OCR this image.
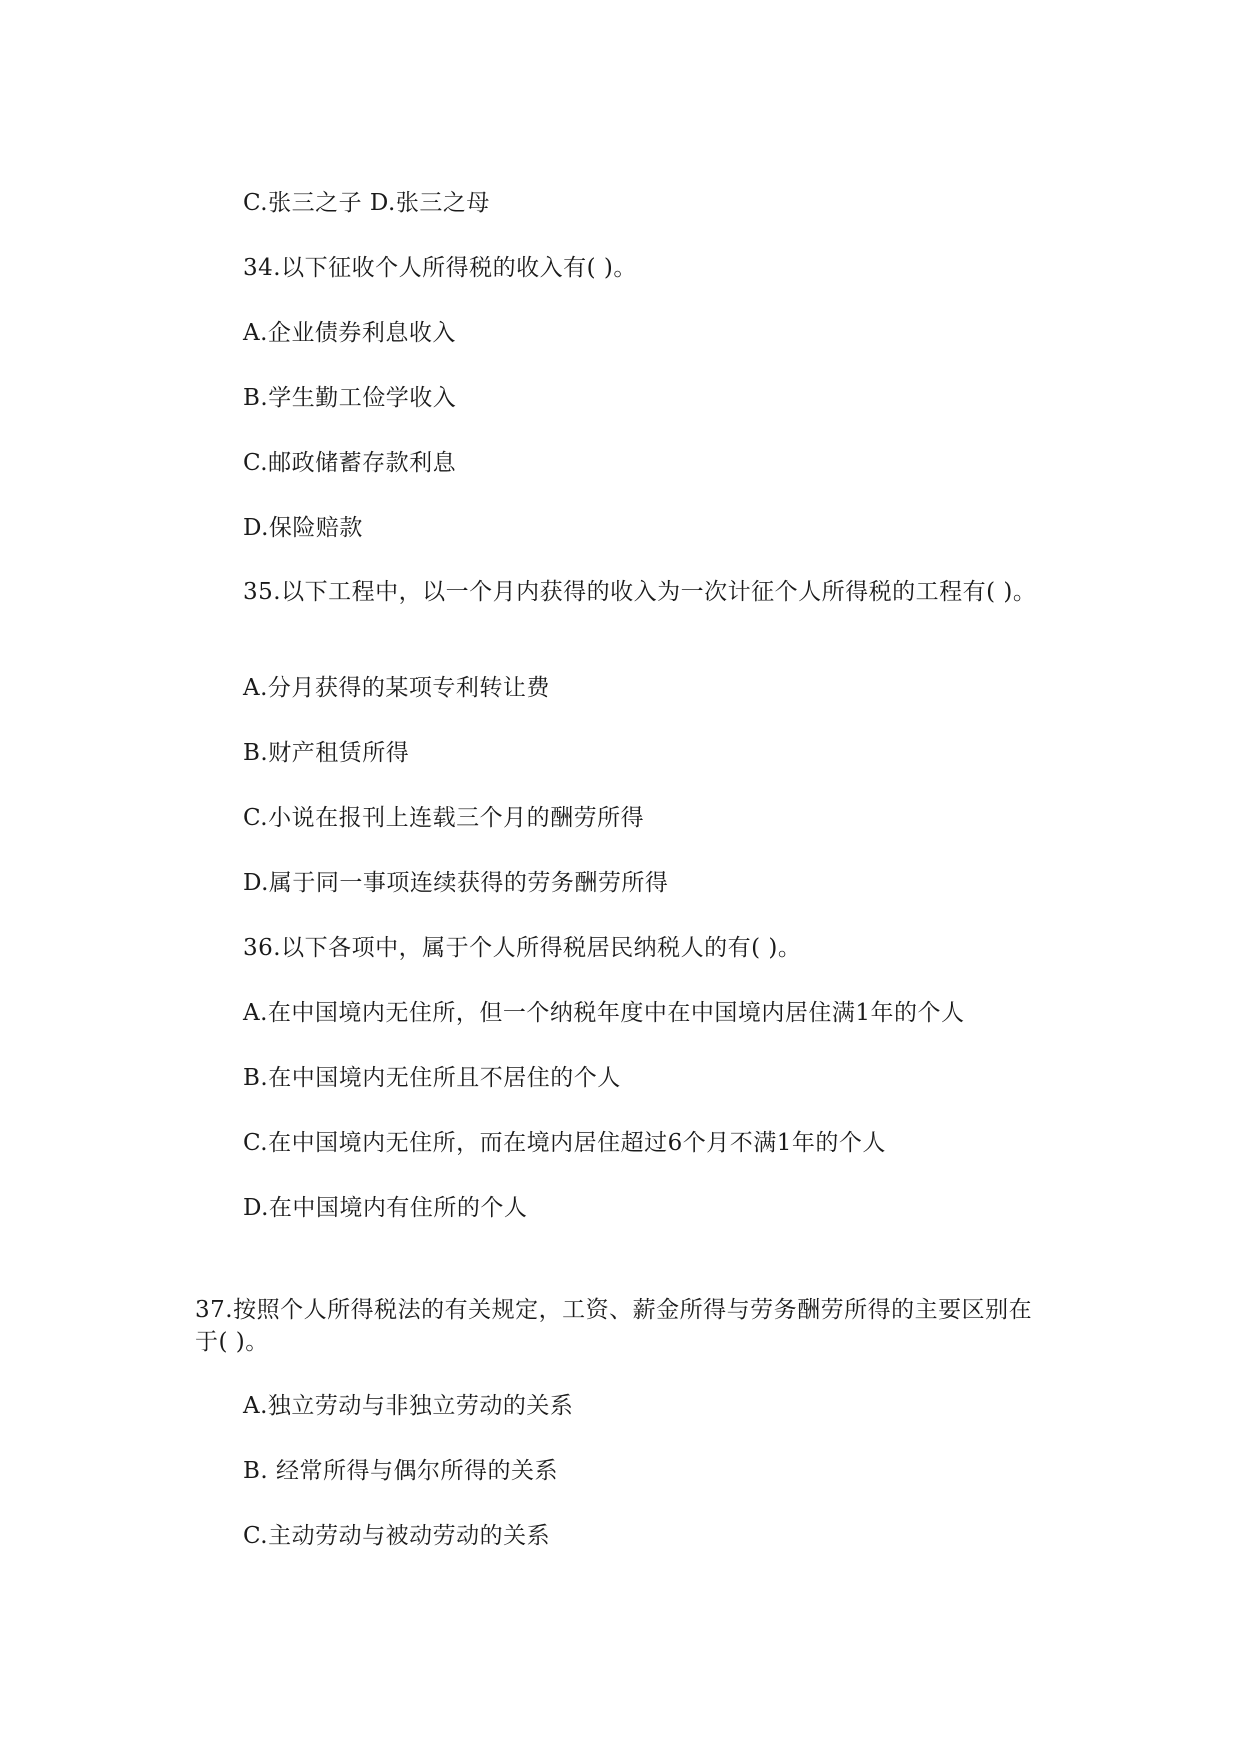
C.张三之子 D.张三之母
34.以下征收个人所得税的收入有( )。
A.企业债券利息收入
B.学生勤工俭学收入
C.邮政储蓄存款利息
D.保险赔款
35.以下工程中，以一个月内获得的收入为一次计征个人所得税的工程有( )。
A.分月获得的某项专利转让费
B.财产租赁所得
C.小说在报刊上连载三个月的酬劳所得
D.属于同一事项连续获得的劳务酬劳所得
36.以下各项中，属于个人所得税居民纳税人的有( )。
A.在中国境内无住所，但一个纳税年度中在中国境内居住满1年的个人
B.在中国境内无住所且不居住的个人
C.在中国境内无住所，而在境内居住超过6个月不满1年的个人
D.在中国境内有住所的个人
37.按照个人所得税法的有关规定，工资、薪金所得与劳务酬劳所得的主要区别在于( )。
A.独立劳动与非独立劳动的关系
B. 经常所得与偶尔所得的关系
C.主动劳动与被动劳动的关系
